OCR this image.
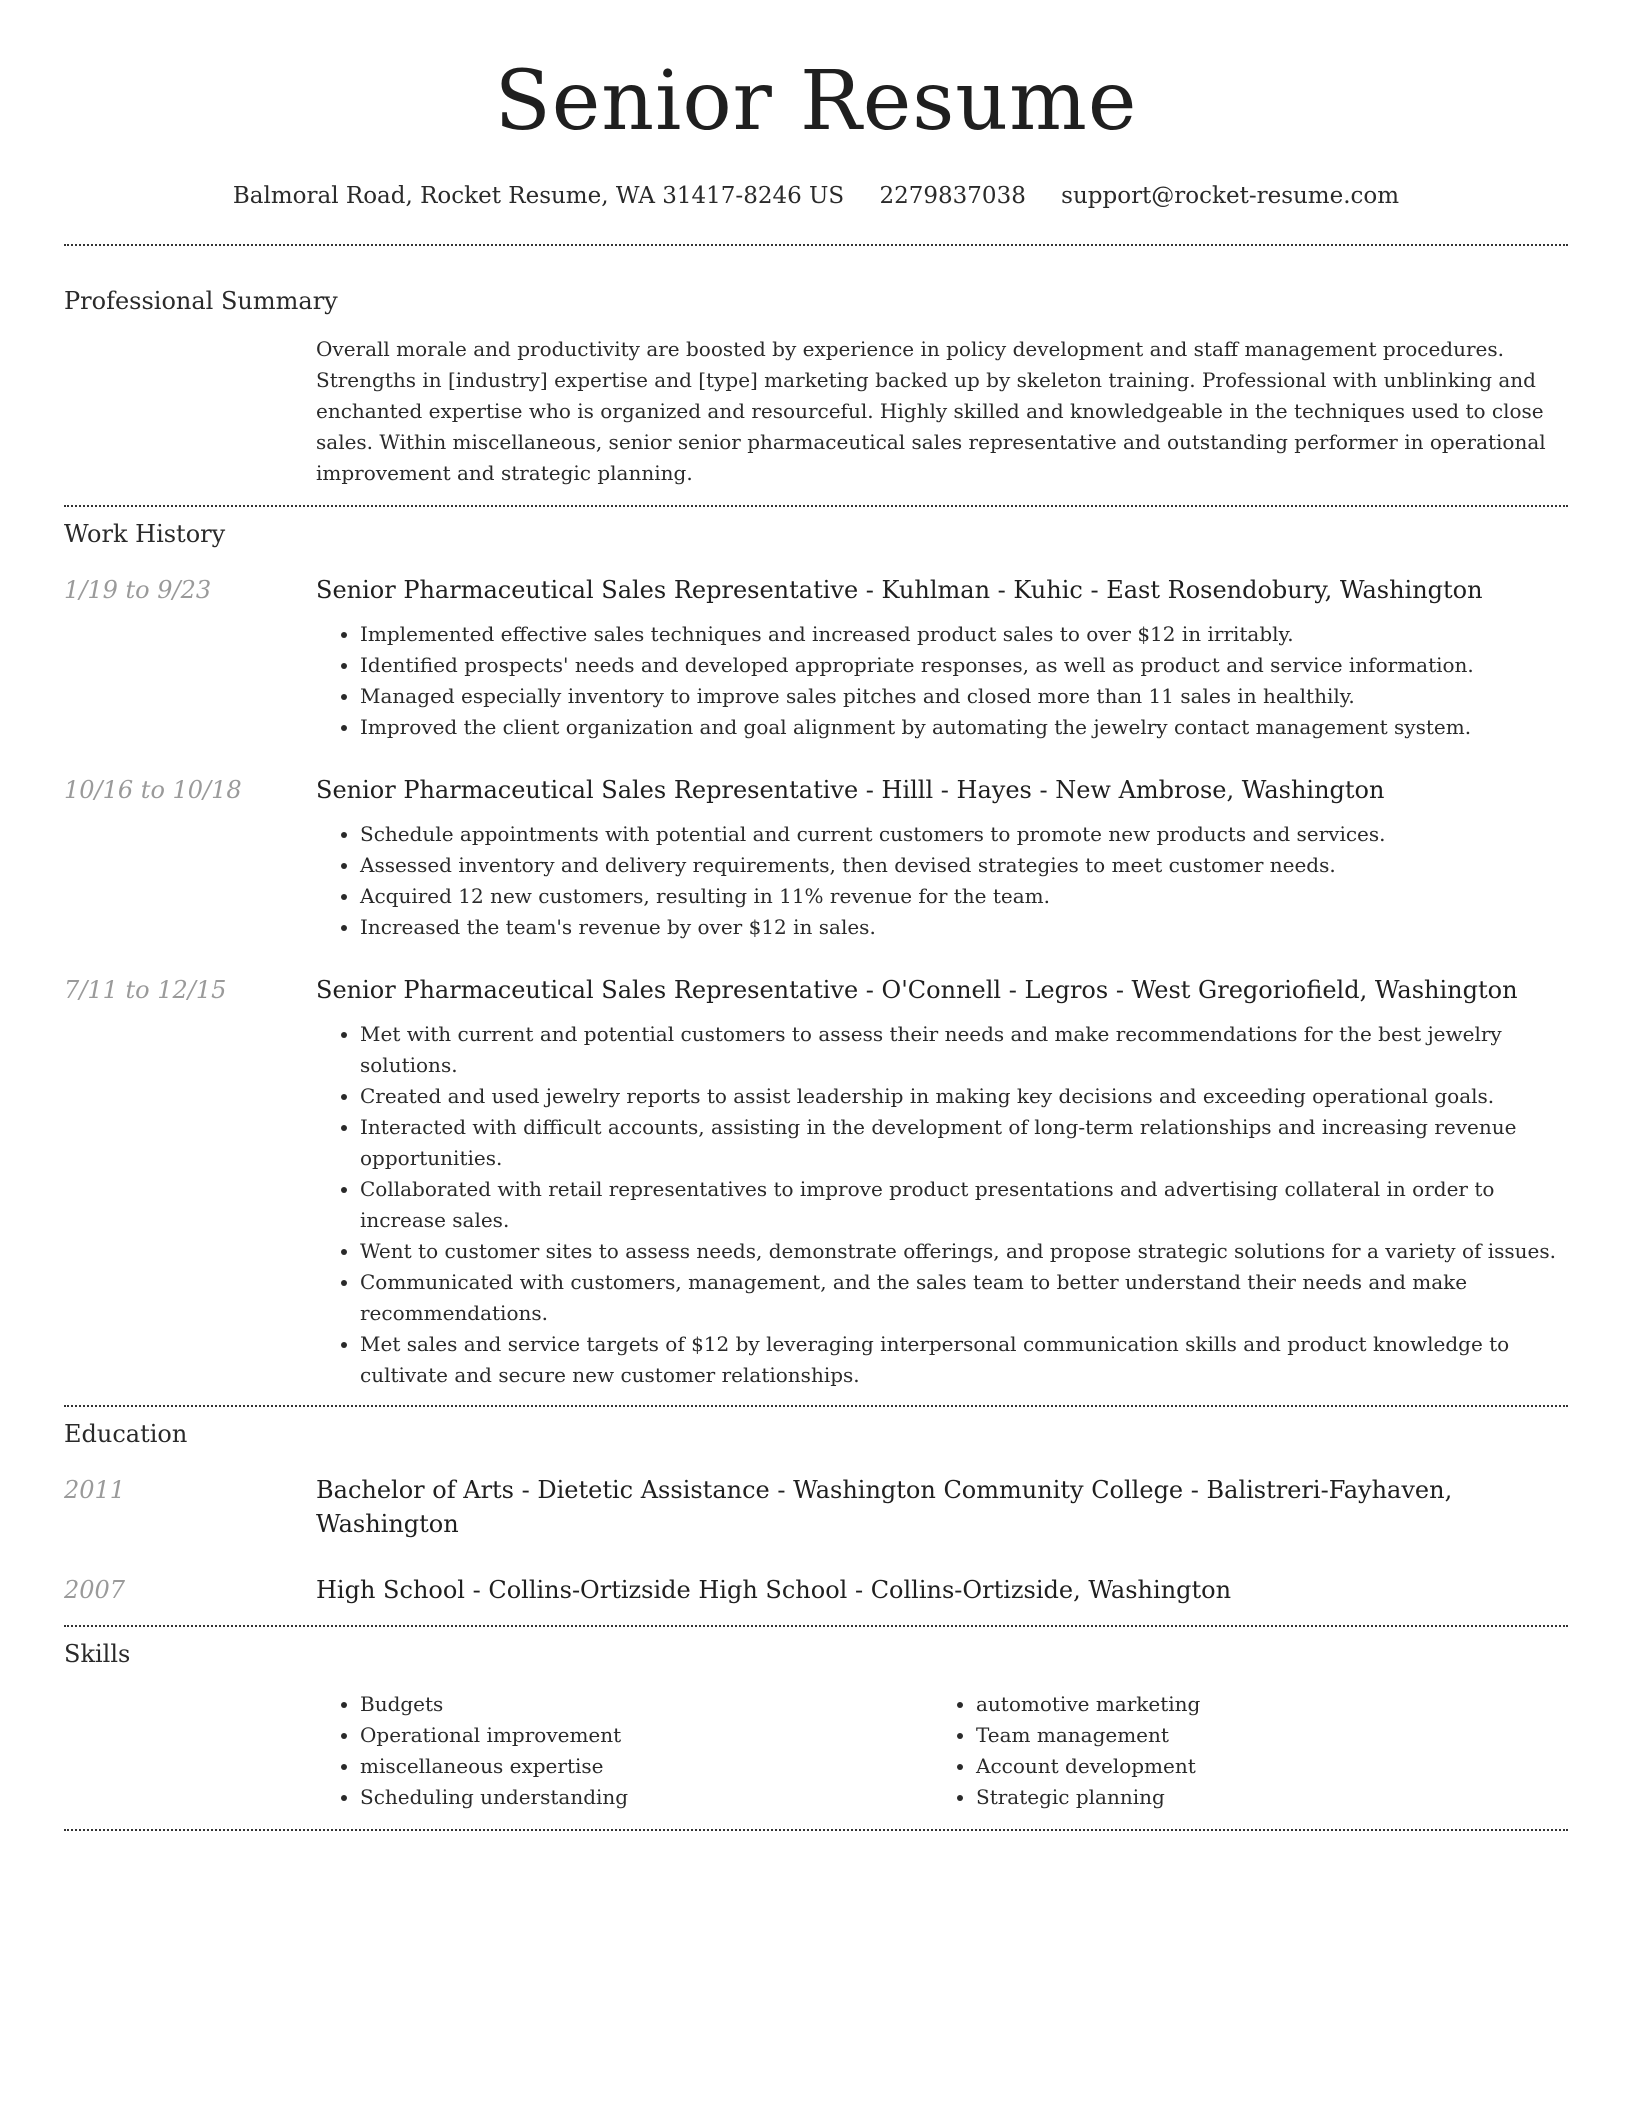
Senior Resume
Balmoral Road, Rocket Resume, WA 31417-8246 US 2279837038 support@rocket-resume.com
Professional Summary
Overall morale and productivity are boosted by experience in policy development and staff management procedures. Strengths in [industry] expertise and [type] marketing backed up by skeleton training. Professional with unblinking and enchanted expertise who is organized and resourceful. Highly skilled and knowledgeable in the techniques used to close sales. Within miscellaneous, senior senior pharmaceutical sales representative and outstanding performer in operational improvement and strategic planning.
Work History
1/19 to 9/23	Senior Pharmaceutical Sales Representative - Kuhlman - Kuhic - East Rosendobury, Washington
• Implemented effective sales techniques and increased product sales to over $12 in irritably.
• Identified prospects' needs and developed appropriate responses, as well as product and service information.
• Managed especially inventory to improve sales pitches and closed more than 11 sales in healthily.
• Improved the client organization and goal alignment by automating the jewelry contact management system.
10/16 to 10/18	Senior Pharmaceutical Sales Representative - Hilll - Hayes - New Ambrose, Washington
• Schedule appointments with potential and current customers to promote new products and services.
• Assessed inventory and delivery requirements, then devised strategies to meet customer needs.
• Acquired 12 new customers, resulting in 11% revenue for the team.
• Increased the team's revenue by over $12 in sales.
7/11 to 12/15	Senior Pharmaceutical Sales Representative - O'Connell - Legros - West Gregoriofield, Washington
• Met with current and potential customers to assess their needs and make recommendations for the best jewelry solutions.
• Created and used jewelry reports to assist leadership in making key decisions and exceeding operational goals.
• Interacted with difficult accounts, assisting in the development of long-term relationships and increasing revenue opportunities.
• Collaborated with retail representatives to improve product presentations and advertising collateral in order to increase sales.
• Went to customer sites to assess needs, demonstrate offerings, and propose strategic solutions for a variety of issues.
• Communicated with customers, management, and the sales team to better understand their needs and make recommendations.
• Met sales and service targets of $12 by leveraging interpersonal communication skills and product knowledge to cultivate and secure new customer relationships.
Education
2011	Bachelor of Arts - Dietetic Assistance - Washington Community College - Balistreri-Fayhaven, Washington
2007	High School - Collins-Ortizside High School - Collins-Ortizside, Washington
Skills
• Budgets
• Operational improvement
• miscellaneous expertise
• Scheduling understanding
• automotive marketing
• Team management
• Account development
• Strategic planning
